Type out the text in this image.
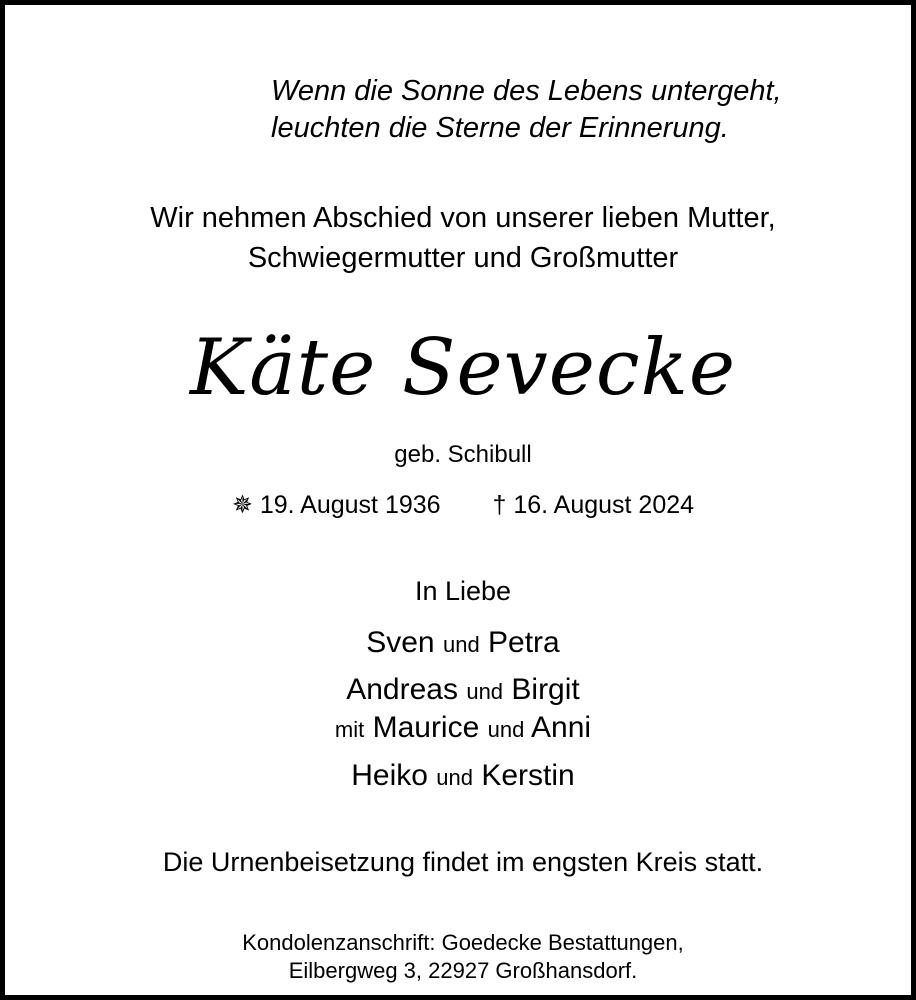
Wenn die Sonne des Lebens untergeht,
leuchten die Sterne der Erinnerung.
Wir nehmen Abschied von unserer lieben Mutter,
Schwiegermutter und Großmutter
Käte Sevecke
geb. Schibull
✵ 19. August 1936 † 16. August 2024
In Liebe
Sven und Petra
Andreas und Birgit
mit Maurice und Anni
Heiko und Kerstin
Die Urnenbeisetzung findet im engsten Kreis statt.
Kondolenzanschrift: Goedecke Bestattungen,
Eilbergweg 3, 22927 Großhansdorf.
